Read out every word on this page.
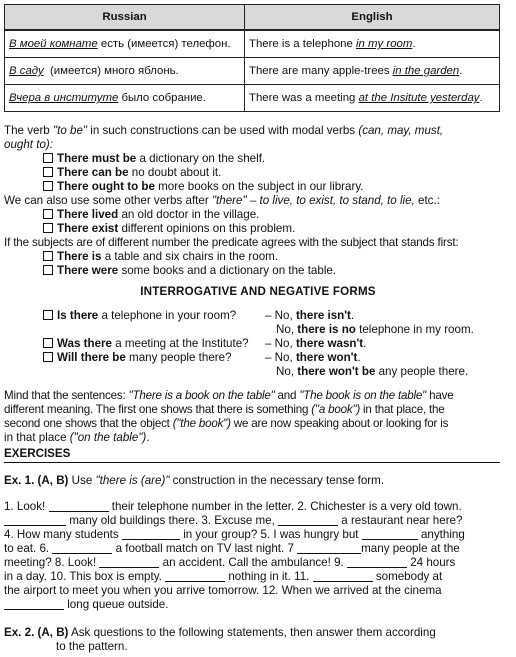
Russian	English
В моей комнате есть (имеется) телефон.	There is a telephone in my room.
В саду  (имеется) много яблонь.	There are many apple-trees in the garden.
Вчера в институте было собрание.	There was a meeting at the Insitute yesterday.
The verb "to be" in such constructions can be used with modal verbs (can, may, must,
ought to):
There must be a dictionary on the shelf.
There can be no doubt about it.
There ought to be more books on the subject in our library.
We can also use some other verbs after "there" – to live, to exist, to stand, to lie, etc.:
There lived an old doctor in the village.
There exist different opinions on this problem.
If the subjects are of different number the predicate agrees with the subject that stands first:
There is a table and six chairs in the room.
There were some books and a dictionary on the table.
INTERROGATIVE AND NEGATIVE FORMS
Is there a telephone in your room? – No, there isn't.
No, there is no telephone in my room.
Was there a meeting at the Institute? – No, there wasn't.
Will there be many people there?	– No, there won't.
No, there won't be any people there.
Mind that the sentences: "There is a book on the table" and "The book is on the table" have
different meaning. The first one shows that there is something ("a book") in that place, the
second one shows that the object ("the book") we are now speaking about or looking for is
in that place ("on the table").
EXERCISES
Ex. 1. (A, B) Use "there is (are)" construction in the necessary tense form.
1. Look!	their telephone number in the letter. 2. Chichester is a very old town.
many old buildings there. 3. Excuse me,	a restaurant near here?
4. How many students	in your group? 5. I was hungry but	anything
to eat. 6.	a football match on TV last night. 7	many people at the
meeting? 8. Look!	an accident. Call the ambulance! 9.	24 hours
in a day. 10. This box is empty.	nothing in it. 11.	somebody at
the airport to meet you when you arrive tomorrow. 12. When we arrived at the cinema
long queue outside.
Ex. 2. (A, B) Ask questions to the following statements, then answer them according
to the pattern.
